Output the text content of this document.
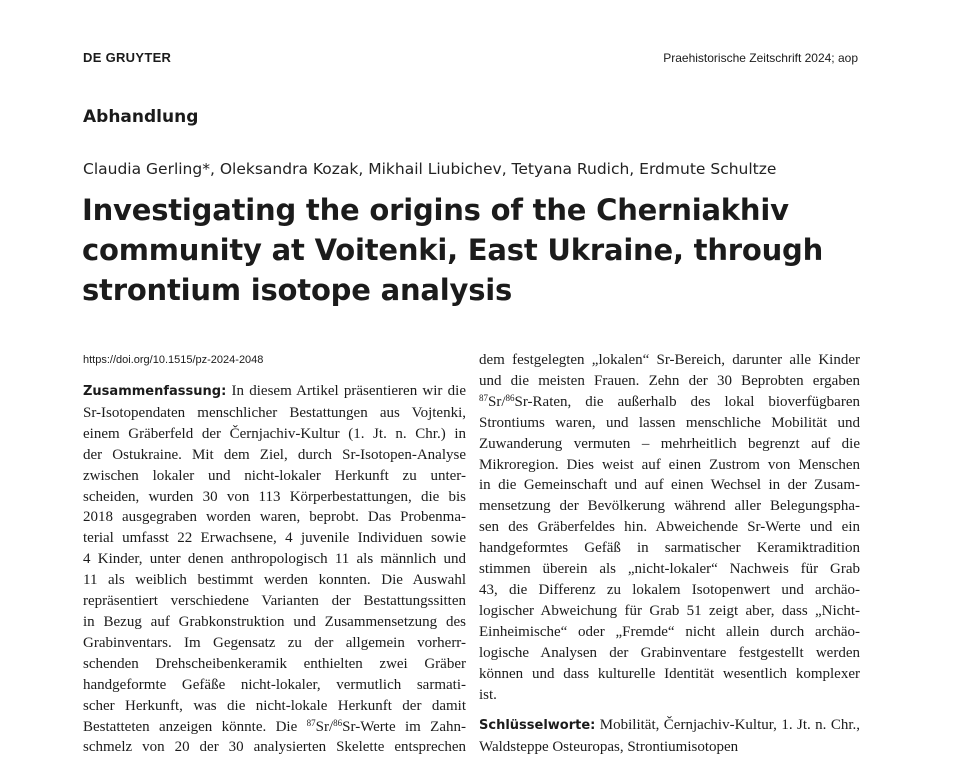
DE GRUYTER	Praehistorische Zeitschrift 2024; aop
Abhandlung
Claudia Gerling*, Oleksandra Kozak, Mikhail Liubichev, Tetyana Rudich, Erdmute Schultze
Investigating the origins of the Cherniakhiv
community at Voitenki, East Ukraine, through
strontium isotope analysis
https://doi.org/10.1515/pz-2024-2048
Zusammenfassung: In diesem Artikel präsentieren wir die
Sr-Isotopendaten menschlicher Bestattungen aus Vojtenki,
einem Gräberfeld der Černjachiv-Kultur (1. Jt. n. Chr.) in
der Ostukraine. Mit dem Ziel, durch Sr-Isotopen-Analyse
zwischen lokaler und nicht-lokaler Herkunft zu unter-
scheiden, wurden 30 von 113 Körperbestattungen, die bis
2018 ausgegraben worden waren, beprobt. Das Probenma-
terial umfasst 22 Erwachsene, 4 juvenile Individuen sowie
4 Kinder, unter denen anthropologisch 11 als männlich und
11 als weiblich bestimmt werden konnten. Die Auswahl
repräsentiert verschiedene Varianten der Bestattungssitten
in Bezug auf Grabkonstruktion und Zusammensetzung des
Grabinventars. Im Gegensatz zu der allgemein vorherr-
schenden Drehscheibenkeramik enthielten zwei Gräber
handgeformte Gefäße nicht-lokaler, vermutlich sarmati-
scher Herkunft, was die nicht-lokale Herkunft der damit
Bestatteten anzeigen könnte. Die $^{87}$Sr/$^{86}$Sr-Werte im Zahn-
schmelz von 20 der 30 analysierten Skelette entsprechen
dem festgelegten „lokalen“ Sr-Bereich, darunter alle Kinder
und die meisten Frauen. Zehn der 30 Beprobten ergaben
$^{87}$Sr/$^{86}$Sr-Raten, die außerhalb des lokal bioverfügbaren
Strontiums waren, und lassen menschliche Mobilität und
Zuwanderung vermuten – mehrheitlich begrenzt auf die
Mikroregion. Dies weist auf einen Zustrom von Menschen
in die Gemeinschaft und auf einen Wechsel in der Zusam-
mensetzung der Bevölkerung während aller Belegungspha-
sen des Gräberfeldes hin. Abweichende Sr-Werte und ein
handgeformtes Gefäß in sarmatischer Keramiktradition
stimmen überein als „nicht-lokaler“ Nachweis für Grab
43, die Differenz zu lokalem Isotopenwert und archäo-
logischer Abweichung für Grab 51 zeigt aber, dass „Nicht-
Einheimische“ oder „Fremde“ nicht allein durch archäo-
logische Analysen der Grabinventare festgestellt werden
können und dass kulturelle Identität wesentlich komplexer
ist.
Schlüsselworte: Mobilität, Černjachiv-Kultur, 1. Jt. n. Chr.,
Waldsteppe Osteuropas, Strontiumisotopen
